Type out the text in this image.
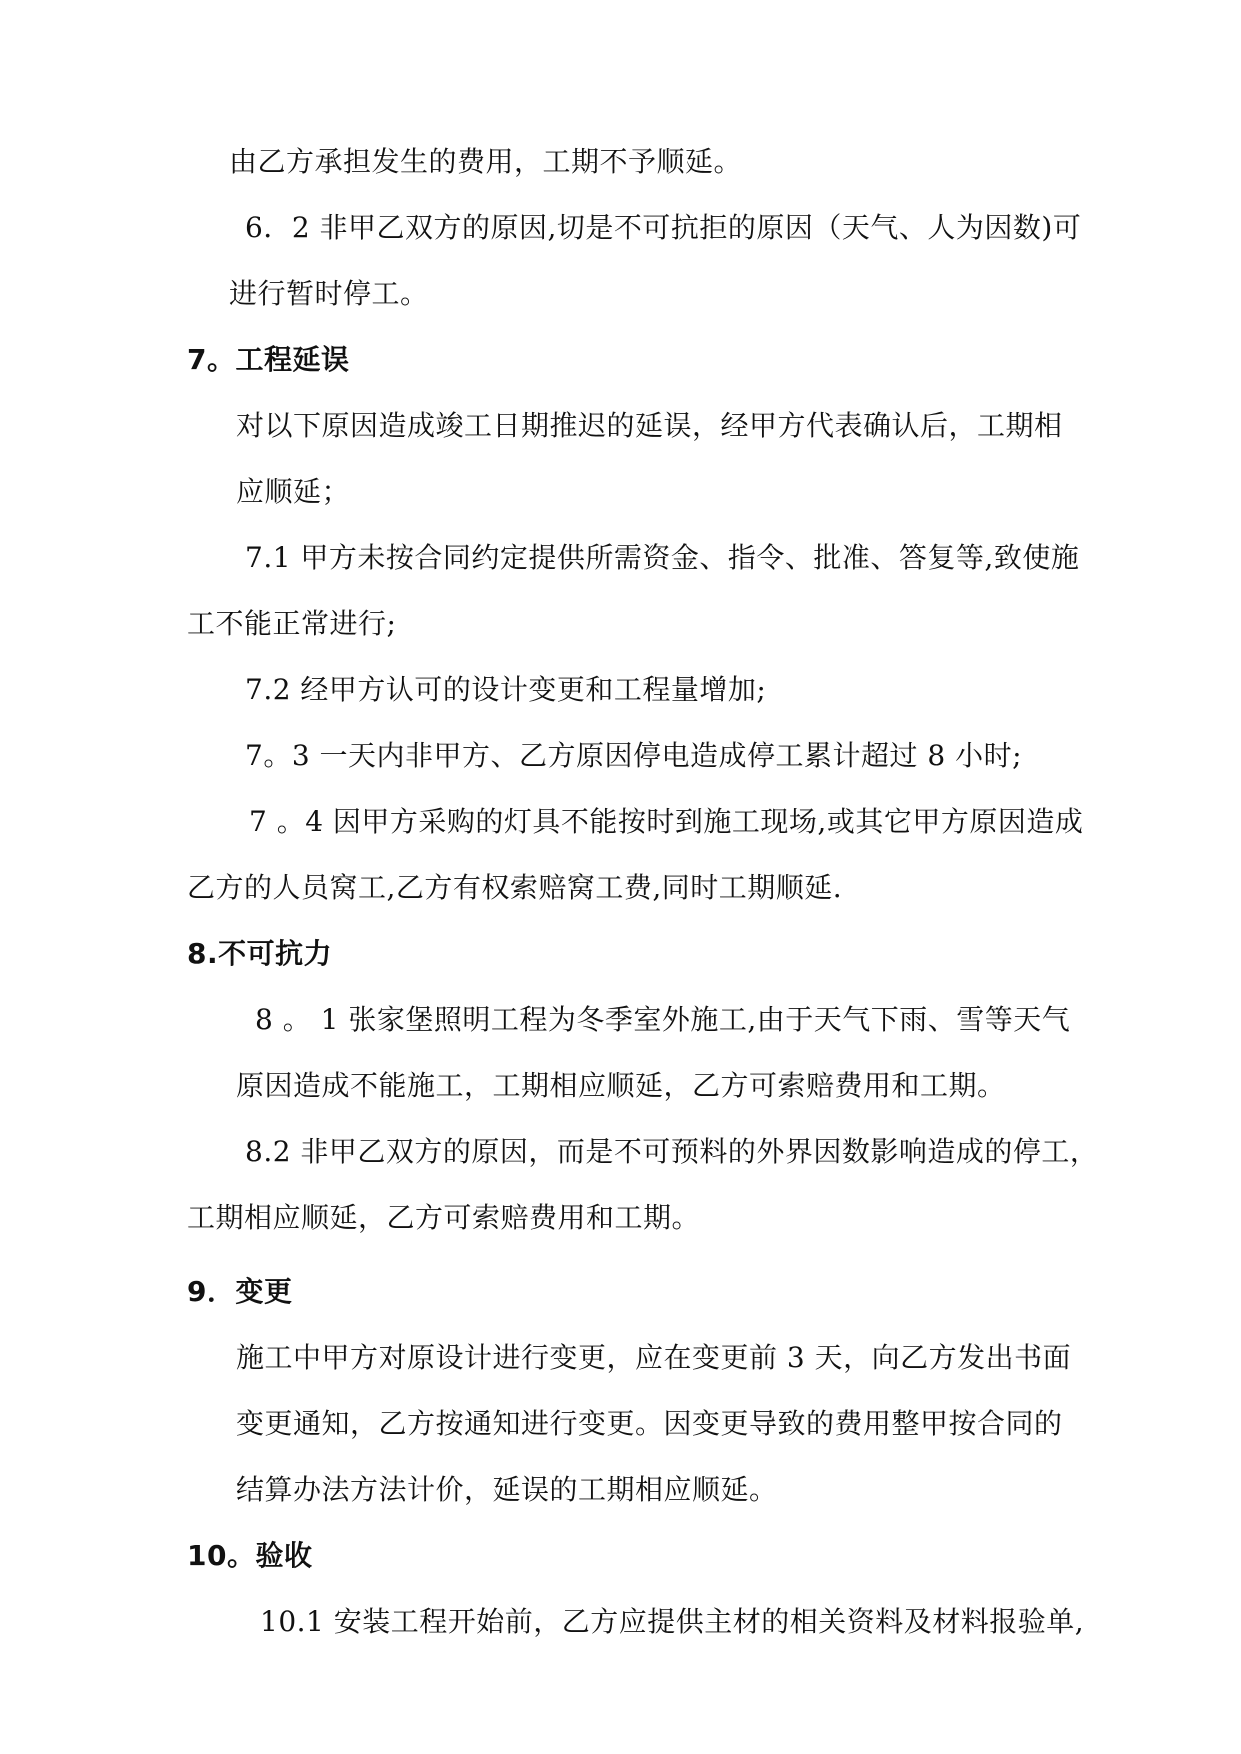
由乙方承担发生的费用，工期不予顺延。

6．2 非甲乙双方的原因,切是不可抗拒的原因（天气、人为因数)可

进行暂时停工。

7。工程延误

对以下原因造成竣工日期推迟的延误，经甲方代表确认后，工期相

应顺延；

7.1 甲方未按合同约定提供所需资金、指令、批准、答复等,致使施

工不能正常进行;

7.2 经甲方认可的设计变更和工程量增加;

7。3 一天内非甲方、乙方原因停电造成停工累计超过 8 小时;

7 。4 因甲方采购的灯具不能按时到施工现场,或其它甲方原因造成

乙方的人员窝工,乙方有权索赔窝工费,同时工期顺延.

8.不可抗力

8 。 1 张家堡照明工程为冬季室外施工,由于天气下雨、雪等天气

原因造成不能施工，工期相应顺延，乙方可索赔费用和工期。

8.2 非甲乙双方的原因，而是不可预料的外界因数影响造成的停工，

工期相应顺延，乙方可索赔费用和工期。

9．变更

施工中甲方对原设计进行变更，应在变更前 3 天，向乙方发出书面

变更通知，乙方按通知进行变更。因变更导致的费用整甲按合同的

结算办法方法计价，延误的工期相应顺延。

10。验收

10.1 安装工程开始前，乙方应提供主材的相关资料及材料报验单,
